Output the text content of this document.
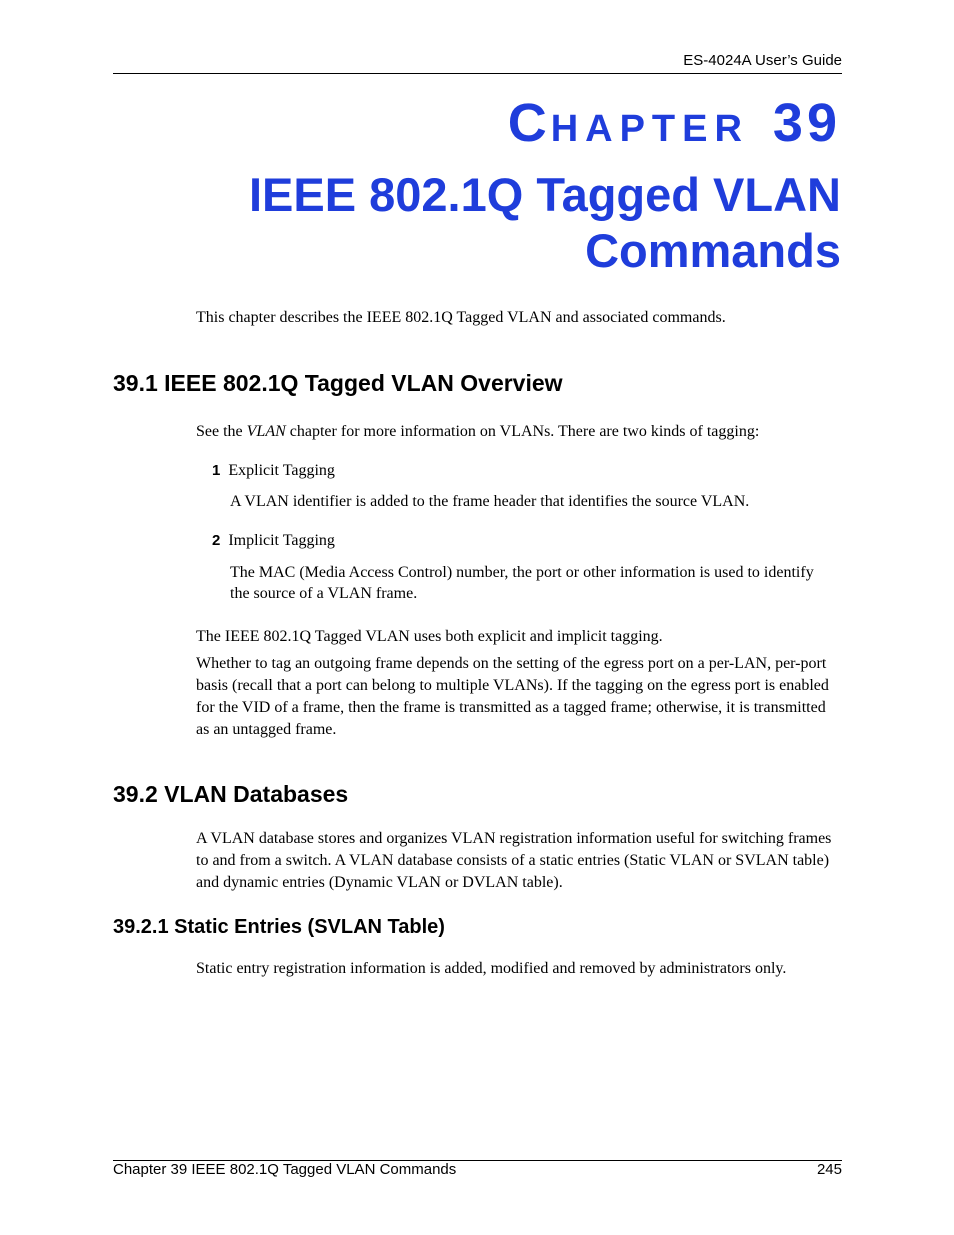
ES-4024A User’s Guide
CHAPTER 39
IEEE 802.1Q Tagged VLAN
Commands
This chapter describes the IEEE 802.1Q Tagged VLAN and associated commands.
39.1 IEEE 802.1Q Tagged VLAN Overview
See the VLAN chapter for more information on VLANs. There are two kinds of tagging:
1 Explicit Tagging
A VLAN identifier is added to the frame header that identifies the source VLAN.
2 Implicit Tagging
The MAC (Media Access Control) number, the port or other information is used to identify the source of a VLAN frame.
The IEEE 802.1Q Tagged VLAN uses both explicit and implicit tagging.
Whether to tag an outgoing frame depends on the setting of the egress port on a per-LAN, per-port basis (recall that a port can belong to multiple VLANs). If the tagging on the egress port is enabled for the VID of a frame, then the frame is transmitted as a tagged frame; otherwise, it is transmitted as an untagged frame.
39.2 VLAN Databases
A VLAN database stores and organizes VLAN registration information useful for switching frames to and from a switch. A VLAN database consists of a static entries (Static VLAN or SVLAN table) and dynamic entries (Dynamic VLAN or DVLAN table).
39.2.1 Static Entries (SVLAN Table)
Static entry registration information is added, modified and removed by administrators only.
Chapter 39 IEEE 802.1Q Tagged VLAN Commands	245
